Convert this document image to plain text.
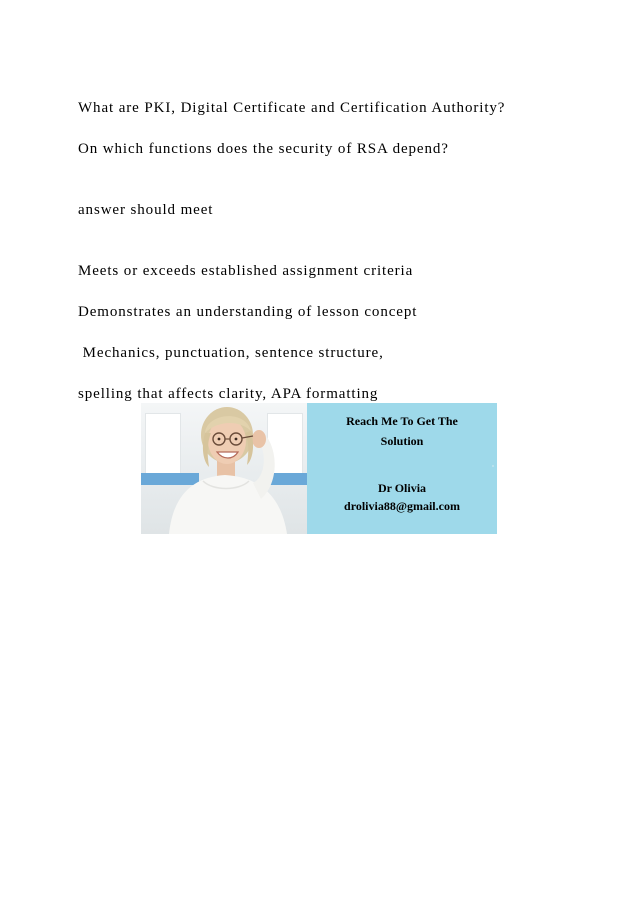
What are PKI, Digital Certificate and Certification Authority?
On which functions does the security of RSA depend?
answer should meet
Meets or exceeds established assignment criteria
Demonstrates an understanding of lesson concept
Mechanics, punctuation, sentence structure,
spelling that affects clarity, APA formatting
Reach Me To Get The
Solution
Dr Olivia
drolivia88@gmail.com
